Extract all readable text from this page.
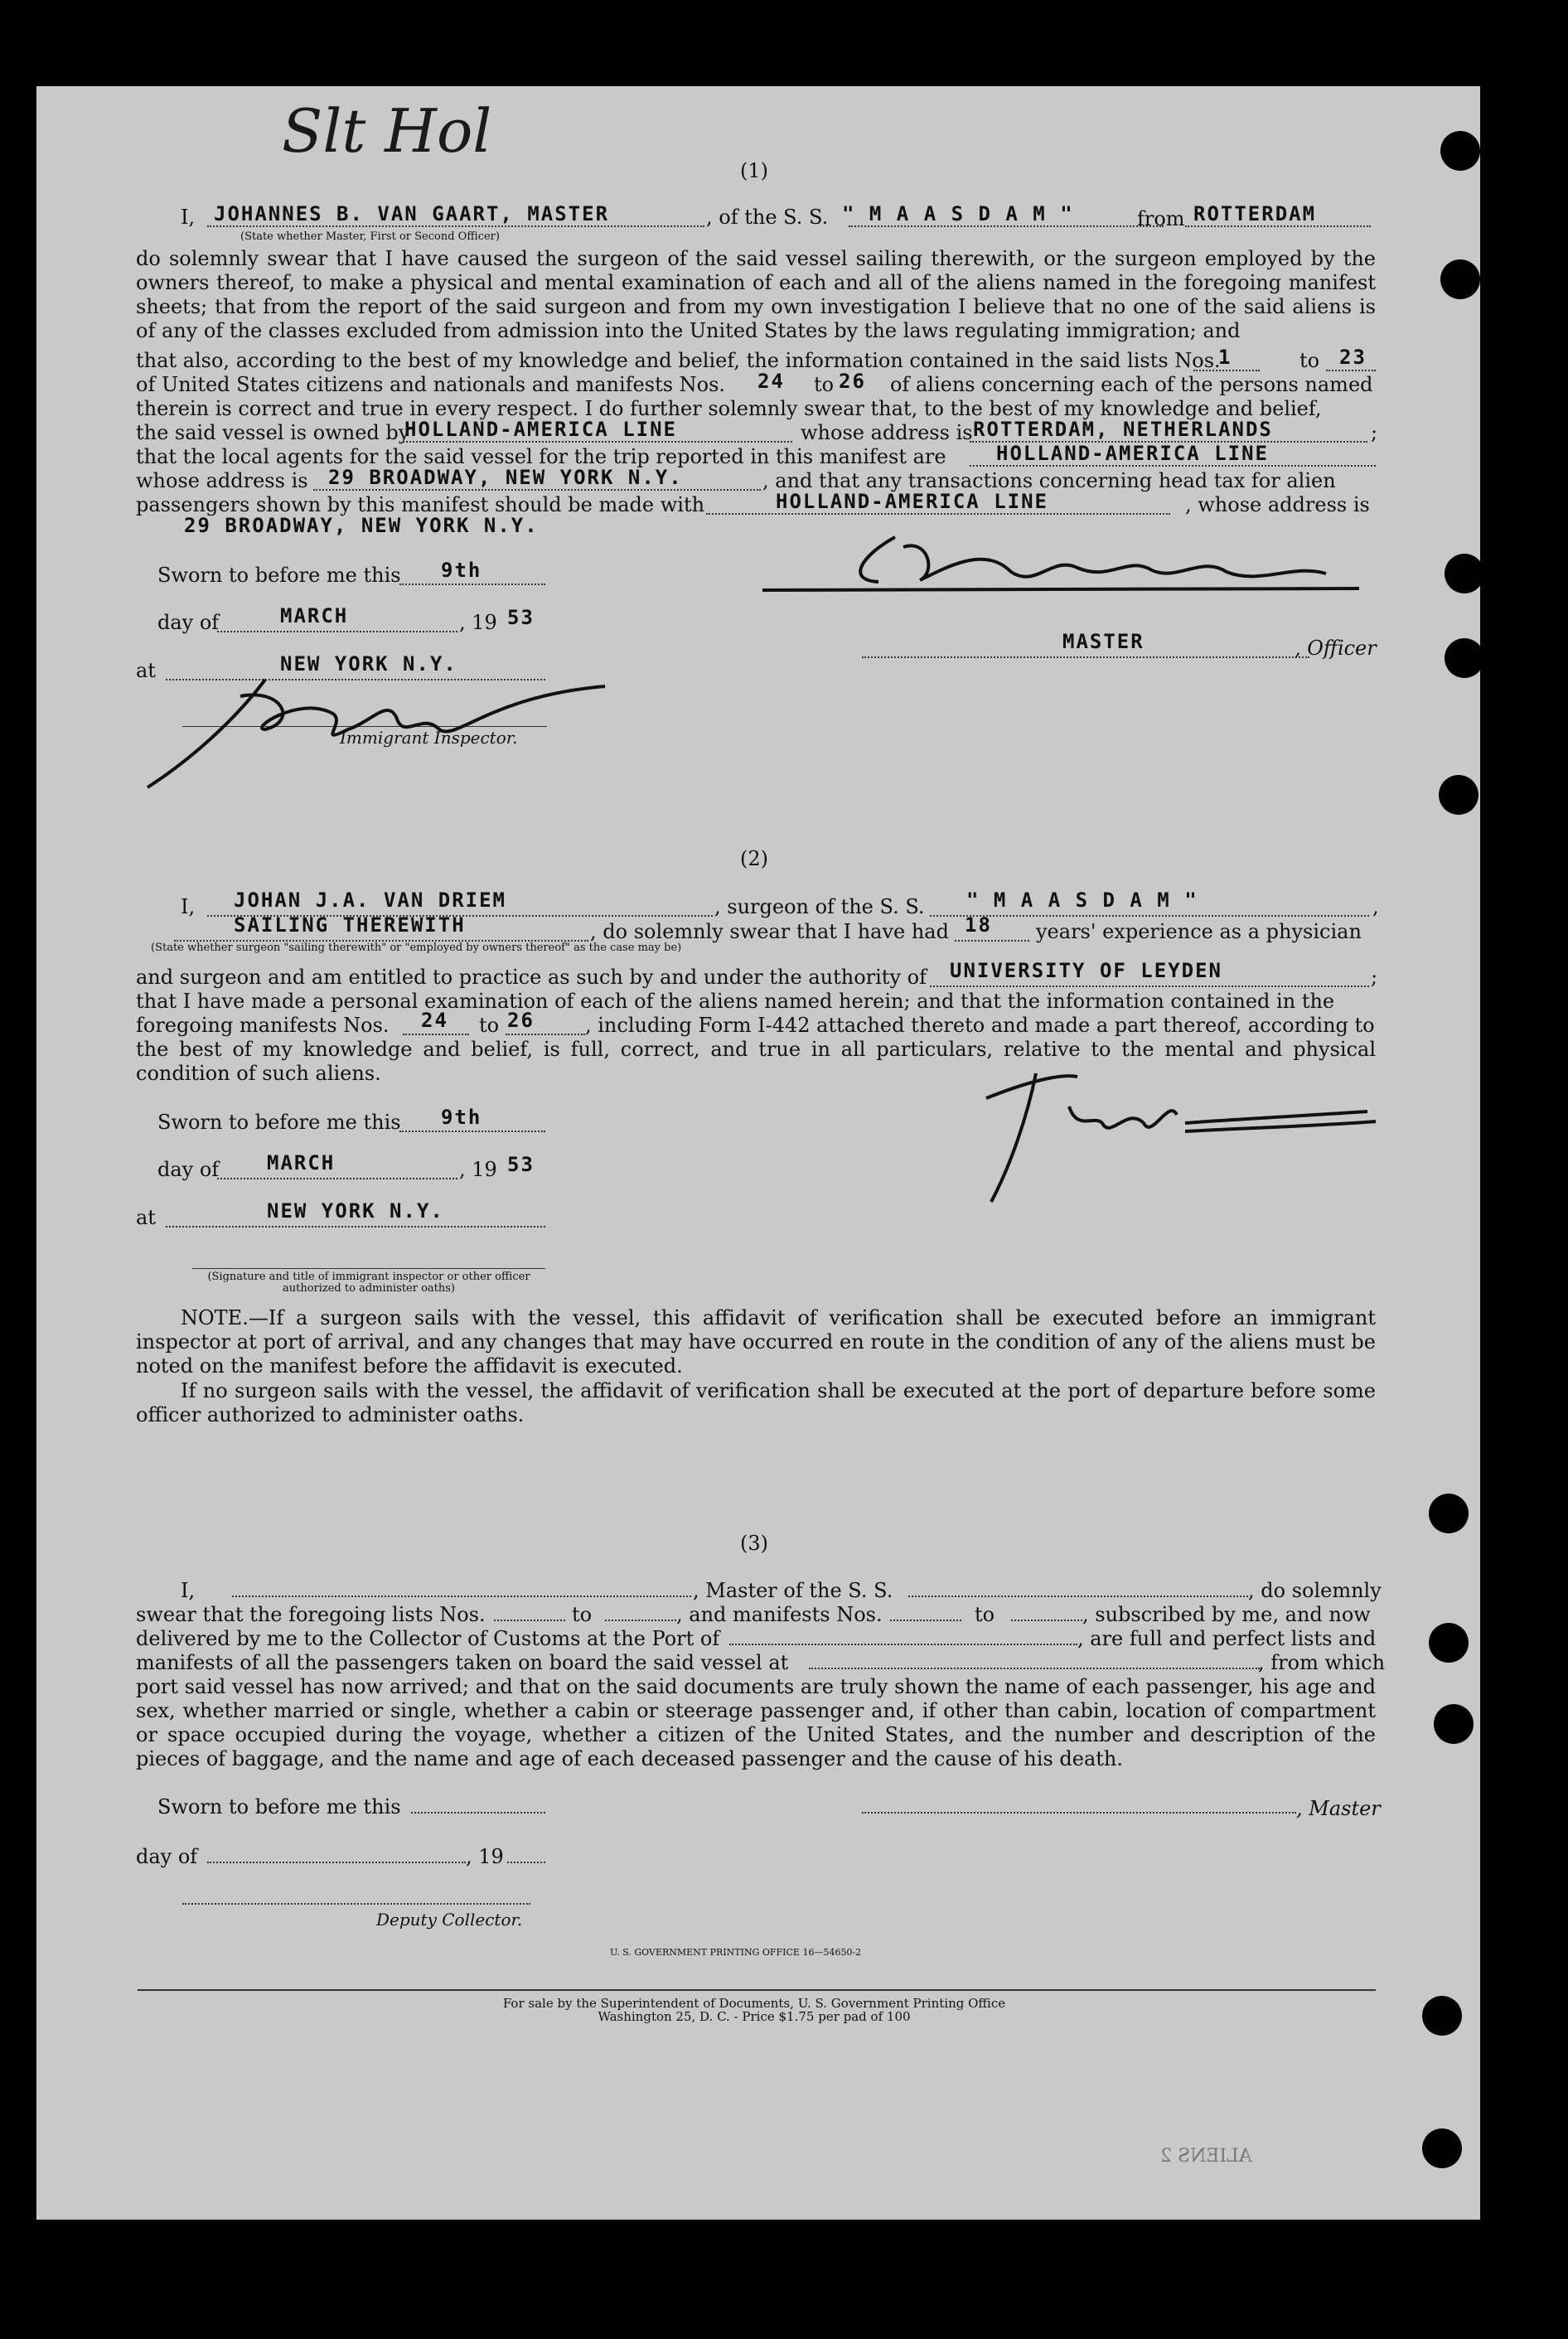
Slt Hol
(1)
I, JOHANNES B. VAN GAART, MASTER	, of the S. S. " M A A S D A M "	from ROTTERDAM
(State whether Master, First or Second Officer)
do solemnly swear that I have caused the surgeon of the said vessel sailing therewith, or the surgeon employed by the owners thereof, to make a physical and mental examination of each and all of the aliens named in the foregoing manifest sheets; that from the report of the said surgeon and from my own investigation I believe that no one of the said aliens is of any of the classes excluded from admission into the United States by the laws regulating immigration; and
that also, according to the best of my knowledge and belief, the information contained in the said lists Nos.
1	to 23
of United States citizens and nationals and manifests Nos. 24 to 26 of aliens concerning each of the persons named
therein is correct and true in every respect. I do further solemnly swear that, to the best of my knowledge and belief,
the said vessel is owned by
HOLLAND-AMERICA LINE	whose address is ROTTERDAM, NETHERLANDS	;
that the local agents for the said vessel for the trip reported in this manifest are	HOLLAND-AMERICA LINE
whose address is 29 BROADWAY, NEW YORK N.Y.	, and that any transactions concerning head tax for alien
passengers shown by this manifest should be made with	HOLLAND-AMERICA LINE	, whose address is
29 BROADWAY, NEW YORK N.Y.
Sworn to before me this 9th
day of	MARCH	, 19 53
at	NEW YORK N.Y.
Immigrant Inspector.
MASTER	, Officer
(2)
I, JOHAN J.A. VAN DRIEM	, surgeon of the S. S. " M A A S D A M "	,
SAILING THEREWITH	, do solemnly swear that I have had 18 years' experience as a physician
(State whether surgeon "sailing therewith" or "employed by owners thereof" as the case may be)
and surgeon and am entitled to practice as such by and under the authority of UNIVERSITY OF LEYDEN	;
that I have made a personal examination of each of the aliens named herein; and that the information contained in the
foregoing manifests Nos. 24 to 26	, including Form I-442 attached thereto and made a part thereof, according to
the best of my knowledge and belief, is full, correct, and true in all particulars, relative to the mental and physical condition of such aliens.
Sworn to before me this 9th
day of MARCH	, 19 53
at	NEW YORK N.Y.
(Signature and title of immigrant inspector or other officer authorized to administer oaths)
NOTE.—If a surgeon sails with the vessel, this affidavit of verification shall be executed before an immigrant inspector at port of arrival, and any changes that may have occurred en route in the condition of any of the aliens must be noted on the manifest before the affidavit is executed.
If no surgeon sails with the vessel, the affidavit of verification shall be executed at the port of departure before some officer authorized to administer oaths.
(3)
I,	, Master of the S. S.	, do solemnly
swear that the foregoing lists Nos.	to	, and manifests Nos.	to	, subscribed by me, and now
delivered by me to the Collector of Customs at the Port of	, are full and perfect lists and
manifests of all the passengers taken on board the said vessel at	, from which
port said vessel has now arrived; and that on the said documents are truly shown the name of each passenger, his age and sex, whether married or single, whether a cabin or steerage passenger and, if other than cabin, location of compartment or space occupied during the voyage, whether a citizen of the United States, and the number and description of the pieces of baggage, and the name and age of each deceased passenger and the cause of his death.
Sworn to before me this	, Master
day of	, 19
Deputy Collector.
U. S. GOVERNMENT PRINTING OFFICE 16—54650-2
For sale by the Superintendent of Documents, U. S. Government Printing Office
Washington 25, D. C. - Price $1.75 per pad of 100
ALIENS 2
